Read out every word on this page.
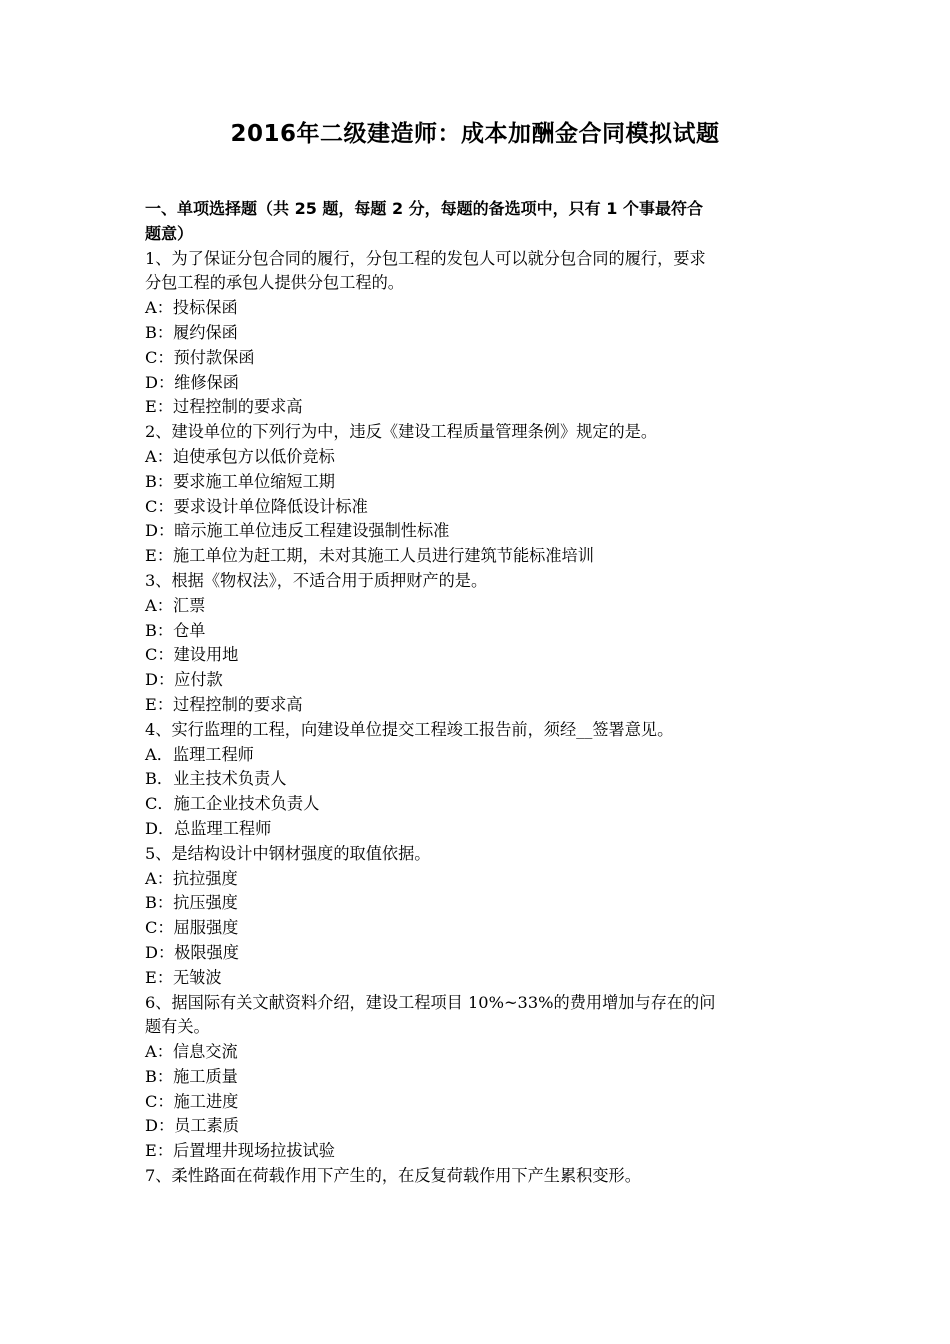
2016年二级建造师：成本加酬金合同模拟试题
一、单项选择题（共 25 题，每题 2 分，每题的备选项中，只有 1 个事最符合
题意）
1、为了保证分包合同的履行，分包工程的发包人可以就分包合同的履行，要求
分包工程的承包人提供分包工程的。
A：投标保函
B：履约保函
C：预付款保函
D：维修保函
E：过程控制的要求高
2、建设单位的下列行为中，违反《建设工程质量管理条例》规定的是。
A：迫使承包方以低价竞标
B：要求施工单位缩短工期
C：要求设计单位降低设计标准
D：暗示施工单位违反工程建设强制性标准
E：施工单位为赶工期，未对其施工人员进行建筑节能标准培训
3、根据《物权法》，不适合用于质押财产的是。
A：汇票
B：仓单
C：建设用地
D：应付款
E：过程控制的要求高
4、实行监理的工程，向建设单位提交工程竣工报告前，须经__签署意见。
A．监理工程师
B．业主技术负责人
C．施工企业技术负责人
D．总监理工程师
5、是结构设计中钢材强度的取值依据。
A：抗拉强度
B：抗压强度
C：屈服强度
D：极限强度
E：无皱波
6、据国际有关文献资料介绍，建设工程项目 10%~33%的费用增加与存在的问
题有关。
A：信息交流
B：施工质量
C：施工进度
D：员工素质
E：后置埋井现场拉拔试验
7、柔性路面在荷载作用下产生的，在反复荷载作用下产生累积变形。
